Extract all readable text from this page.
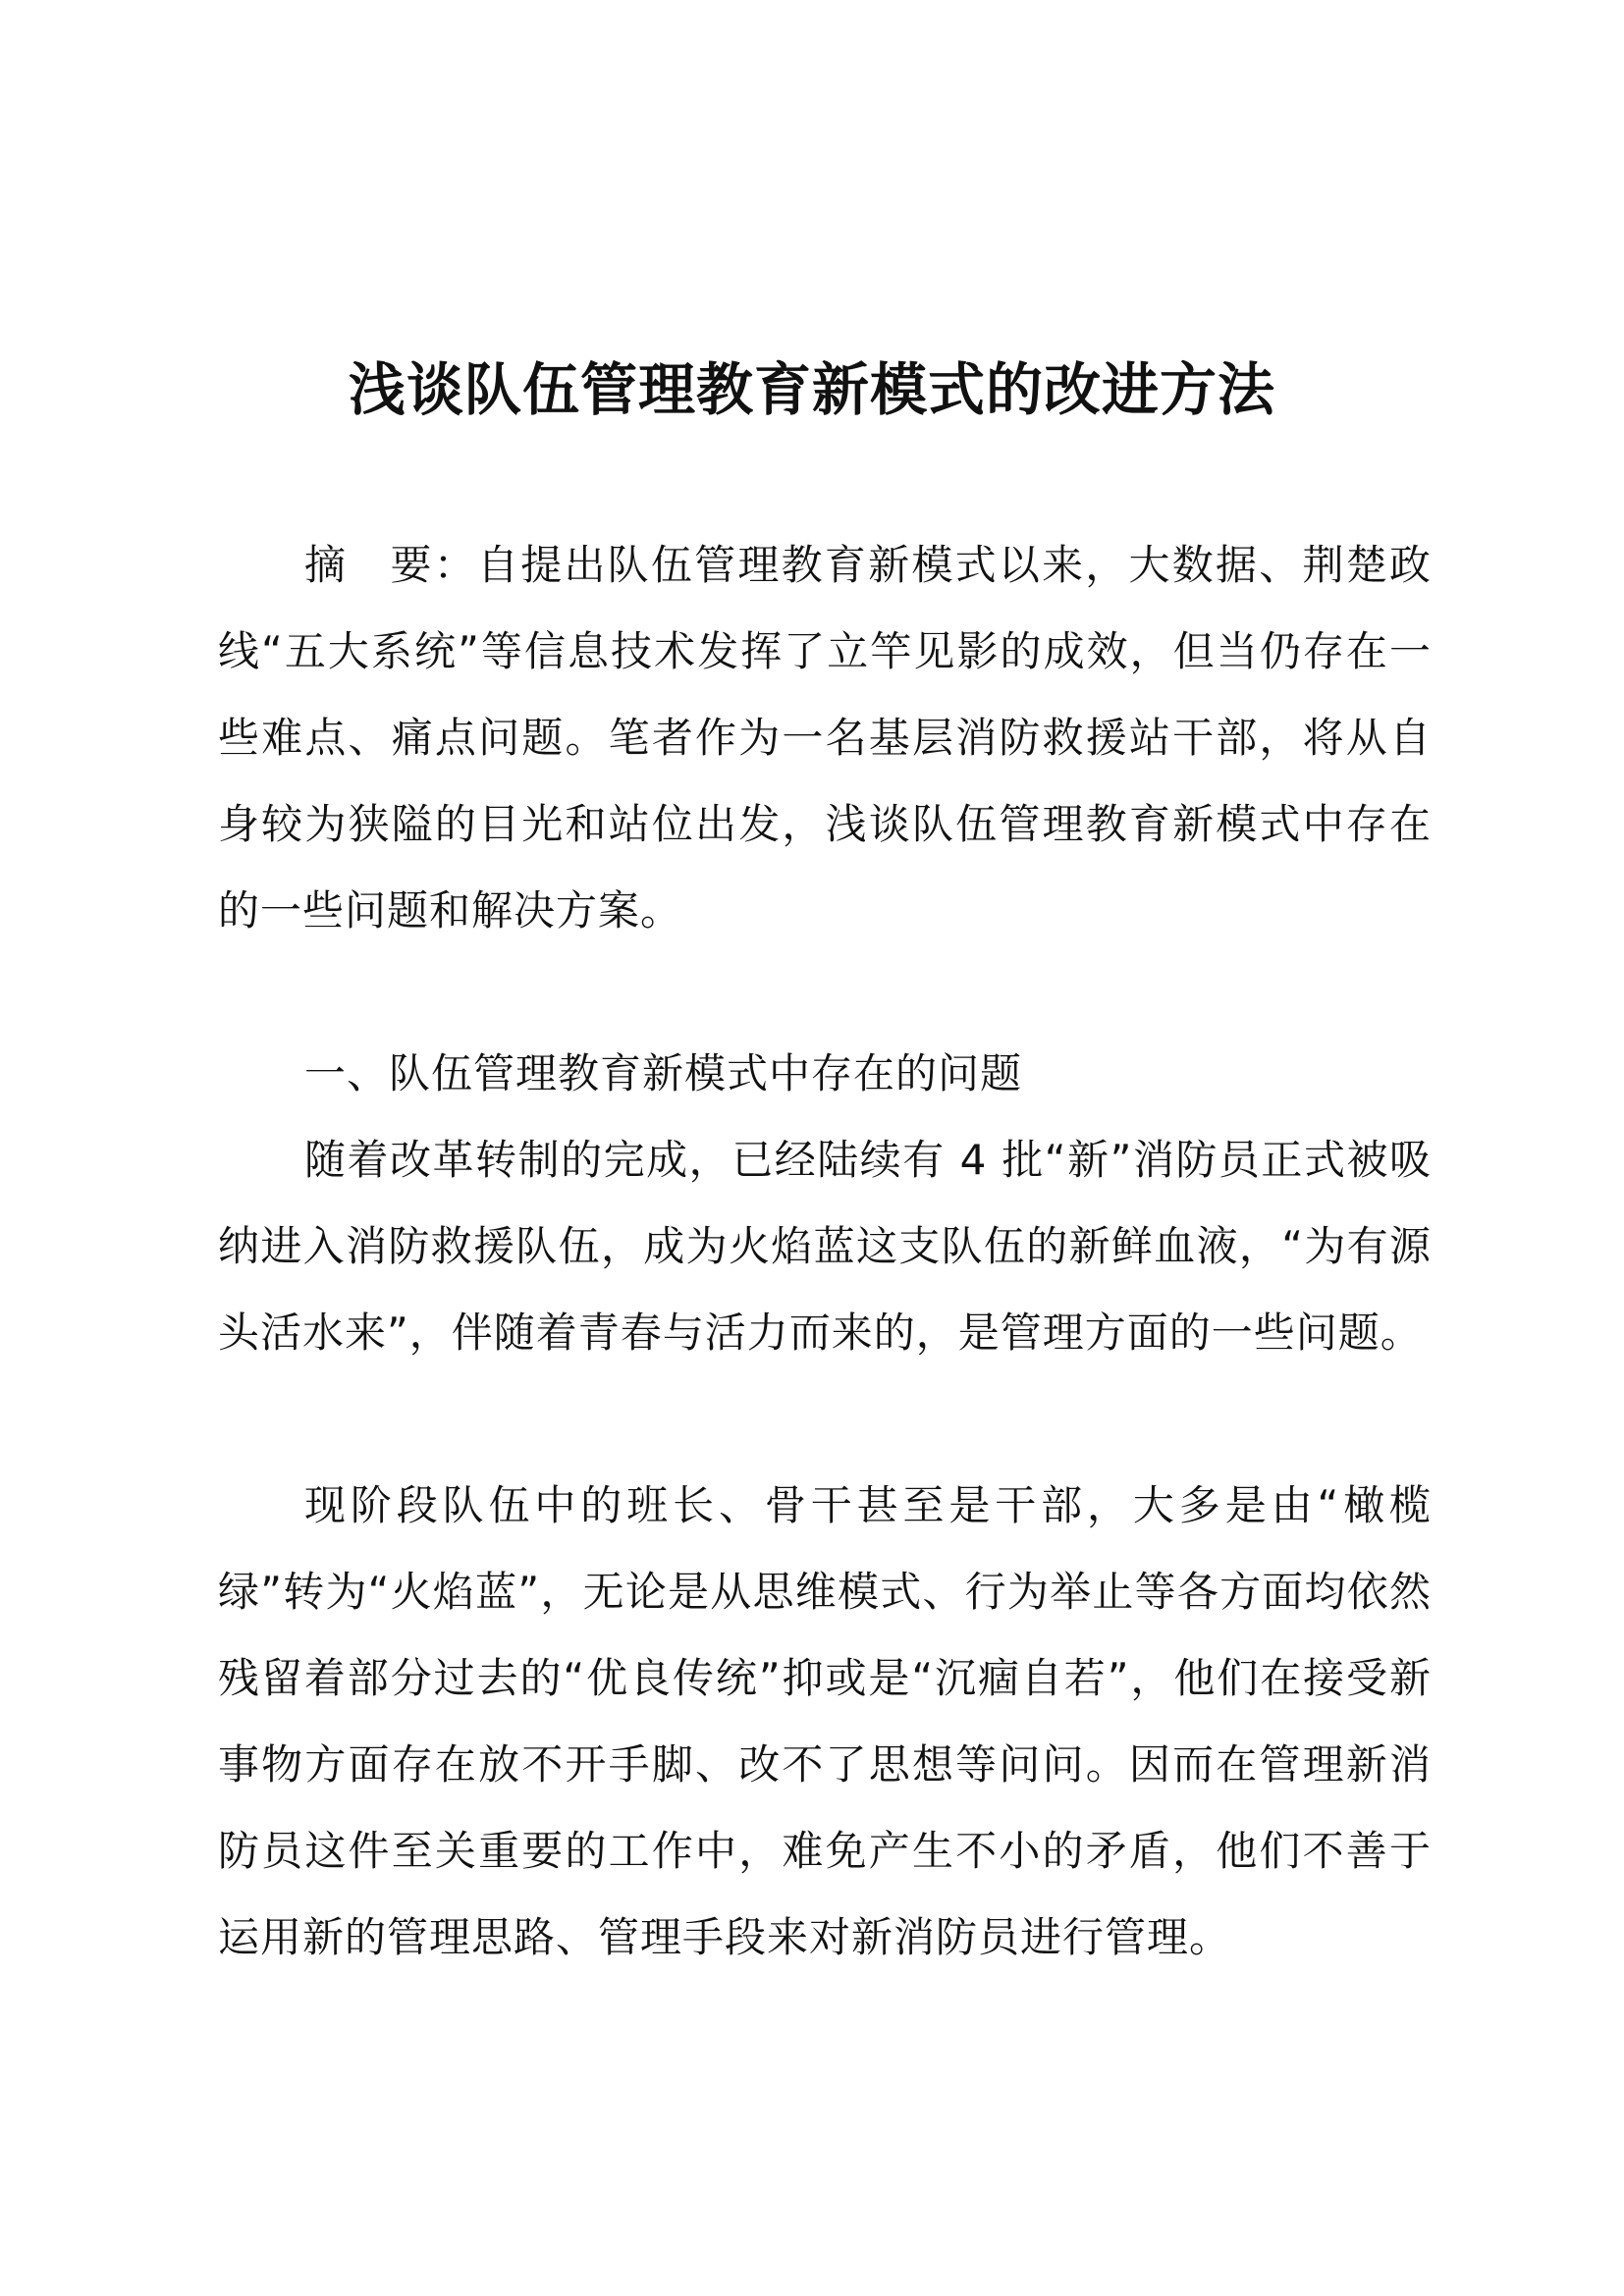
浅谈队伍管理教育新模式的改进方法

摘 要：自提出队伍管理教育新模式以来，大数据、荆楚政线“五大系统”等信息技术发挥了立竿见影的成效，但当仍存在一些难点、痛点问题。笔者作为一名基层消防救援站干部，将从自身较为狭隘的目光和站位出发，浅谈队伍管理教育新模式中存在的一些问题和解决方案。

一、队伍管理教育新模式中存在的问题

随着改革转制的完成，已经陆续有 4 批“新”消防员正式被吸纳进入消防救援队伍，成为火焰蓝这支队伍的新鲜血液，“为有源头活水来”，伴随着青春与活力而来的，是管理方面的一些问题。

现阶段队伍中的班长、骨干甚至是干部，大多是由“橄榄绿”转为“火焰蓝”，无论是从思维模式、行为举止等各方面均依然残留着部分过去的“优良传统”抑或是“沉痼自若”，他们在接受新事物方面存在放不开手脚、改不了思想等问问。因而在管理新消防员这件至关重要的工作中，难免产生不小的矛盾，他们不善于运用新的管理思路、管理手段来对新消防员进行管理。
